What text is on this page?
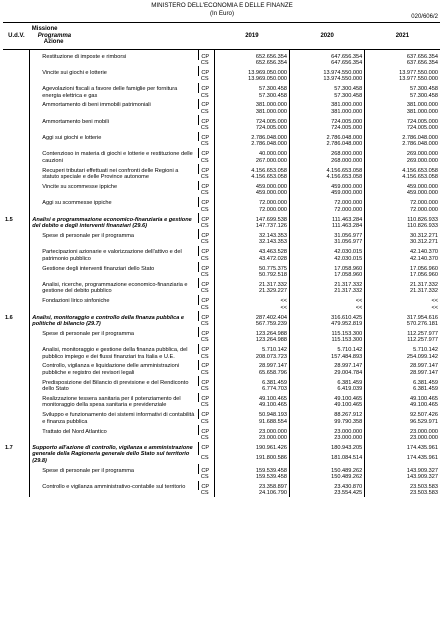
MINISTERO DELL'ECONOMIA E DELLE FINANZE
(In Euro)	020/606/2
U.d.V.	Missione
Programma
Azione		2019	2020	2021

	Restituzione di imposte e rimborsi	CP	652.656.354	647.656.354	637.656.354
		CS	652.656.354	647.656.354	637.656.354

	Vincite sui giochi e lotterie	CP	13.969.050.000	13.974.550.000	13.977.550.000
		CS	13.969.050.000	13.974.550.000	13.977.550.000

	Agevolazioni fiscali a favore delle famiglie per fornitura energia elettrica e gas	CP	57.300.458	57.300.458	57.300.458
		CS	57.300.458	57.300.458	57.300.458

	Ammortamento di beni immobili patrimoniali	CP	381.000.000	381.000.000	381.000.000
		CS	381.000.000	381.000.000	381.000.000

	Ammortamento beni mobili	CP	724.005.000	724.005.000	724.005.000
		CS	724.005.000	724.005.000	724.005.000

	Aggi sui giochi e lotterie	CP	2.786.048.000	2.786.048.000	2.786.048.000
		CS	2.786.048.000	2.786.048.000	2.786.048.000

	Contenzioso in materia di giochi e lotterie e restituzione delle cauzioni	CP	40.000.000	268.000.000	269.000.000
		CS	267.000.000	268.000.000	269.000.000

	Recuperi tributari effettuati nei confronti delle Regioni a statuto speciale e delle Province autonome	CP	4.156.653.058	4.156.653.058	4.156.653.058
		CS	4.156.653.058	4.156.653.058	4.156.653.058

	Vincite su scommesse ippiche	CP	459.000.000	459.000.000	459.000.000
		CS	459.000.000	459.000.000	459.000.000

	Aggi su scommesse ippiche	CP	72.000.000	72.000.000	72.000.000
		CS	72.000.000	72.000.000	72.000.000

1.5	Analisi e programmazione economico-finanziaria e gestione del debito e degli interventi finanziari (29.6)	CP	147.699.538	111.463.284	110.826.933
		CS	147.737.126	111.463.284	110.826.933

	Spese di personale per il programma	CP	32.143.353	31.056.977	30.312.271
		CS	32.143.353	31.056.977	30.312.271

	Partecipazioni azionarie e valorizzazione dell'attivo e del patrimonio pubblico	CP	43.463.528	42.030.015	42.140.370
		CS	43.472.028	42.030.015	42.140.370

	Gestione degli interventi finanziari dello Stato	CP	50.775.375	17.058.960	17.056.960
		CS	50.792.518	17.058.960	17.056.960

	Analisi, ricerche, programmazione economico-finanziaria e gestione del debito pubblico	CP	21.317.332	21.317.332	21.317.332
		CS	21.329.227	21.317.332	21.317.332

	Fondazioni lirico sinfoniche	CP	<<	<<	<<
		CS	<<	<<	<<

1.6	Analisi, monitoraggio e controllo della finanza pubblica e politiche di bilancio (29.7)	CP	287.402.404	316.610.425	317.954.616
		CS	567.759.239	479.952.819	570.276.181

	Spese di personale per il programma	CP	123.264.988	115.153.300	112.257.977
		CS	123.264.988	115.153.300	112.257.977

	Analisi, monitoraggio e gestione della finanza pubblica, del pubblico impiego e dei flussi finanziari tra Italia e U.E.	CP	5.710.142	5.710.142	5.710.142
		CS	208.073.723	157.484.893	254.099.142

	Controllo, vigilanza e liquidazione delle amministrazioni pubbliche e registro dei revisori legali	CP	28.997.147	28.997.147	28.997.147
		CS	65.658.796	29.004.784	28.997.147

	Predisposizione del Bilancio di previsione e del Rendiconto dello Stato	CP	6.381.459	6.381.459	6.381.459
		CS	6.774.703	6.419.039	6.381.459

	Realizzazione tessera sanitaria per il potenziamento del monitoraggio della spesa sanitaria e previdenziale	CP	49.100.465	49.100.465	49.100.465
		CS	49.100.465	49.100.465	49.100.465

	Sviluppo e funzionamento dei sistemi informativi di contabilità e finanza pubblica	CP	50.948.193	88.267.912	92.507.426
		CS	91.688.554	99.790.358	96.529.971

	Trattato del Nord Atlantico	CP	23.000.000	23.000.000	23.000.000
		CS	23.000.000	23.000.000	23.000.000

1.7	Supporto all'azione di controllo, vigilanza e amministrazione generale della Ragioneria generale dello Stato sul territorio (29.8)	CP	190.961.426	180.943.205	174.435.961
		CS	191.800.586	181.084.514	174.435.961

	Spese di personale per il programma	CP	159.539.458	150.489.262	143.909.327
		CS	159.539.458	150.489.262	143.909.327

	Controllo e vigilanza amministrativo-contabile sul territorio	CP	23.358.897	23.430.870	23.503.583
		CS	24.106.790	23.554.425	23.503.583
